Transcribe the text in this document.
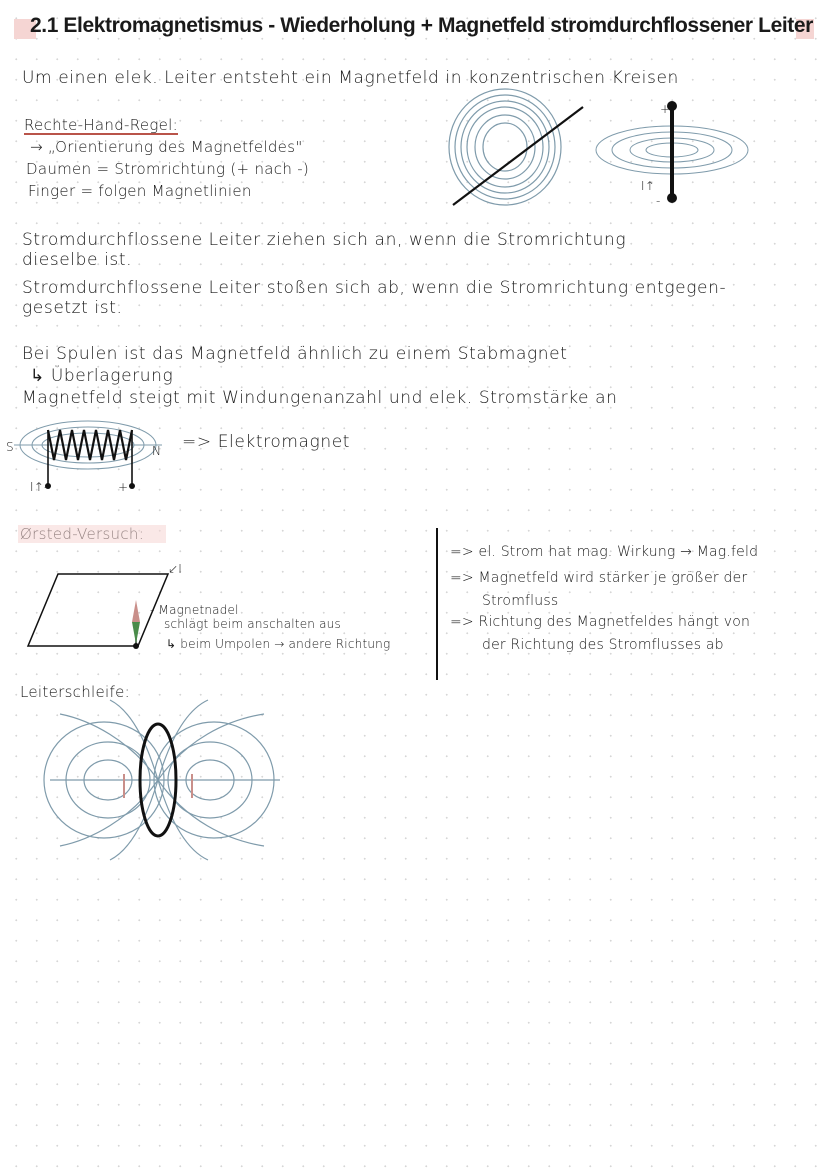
2.1 Elektromagnetismus - Wiederholung + Magnetfeld stromdurchflossener Leiter
Um einen elek. Leiter entsteht ein Magnetfeld in konzentrischen Kreisen
Rechte-Hand-Regel:
→ „Orientierung des Magnetfeldes"
Daumen = Stromrichtung (+ nach -)
Finger = folgen Magnetlinien
Stromdurchflossene Leiter ziehen sich an, wenn die Stromrichtung
dieselbe ist.
Stromdurchflossene Leiter stoßen sich ab, wenn die Stromrichtung entgegen-
gesetzt ist.
Bei Spulen ist das Magnetfeld ähnlich zu einem Stabmagnet
↳ Überlagerung
Magnetfeld steigt mit Windungenanzahl und elek. Stromstärke an
=> Elektromagnet
S	N
I↑-	+
+
I↑
-
↙I
- Magnetnadel
schlägt beim anschalten aus
↳ beim Umpolen → andere Richtung
=> el. Strom hat mag. Wirkung → Mag.feld
=> Magnetfeld wird stärker je größer der
Stromfluss
=> Richtung des Magnetfeldes hängt von
der Richtung des Stromflusses ab
Leiterschleife:
